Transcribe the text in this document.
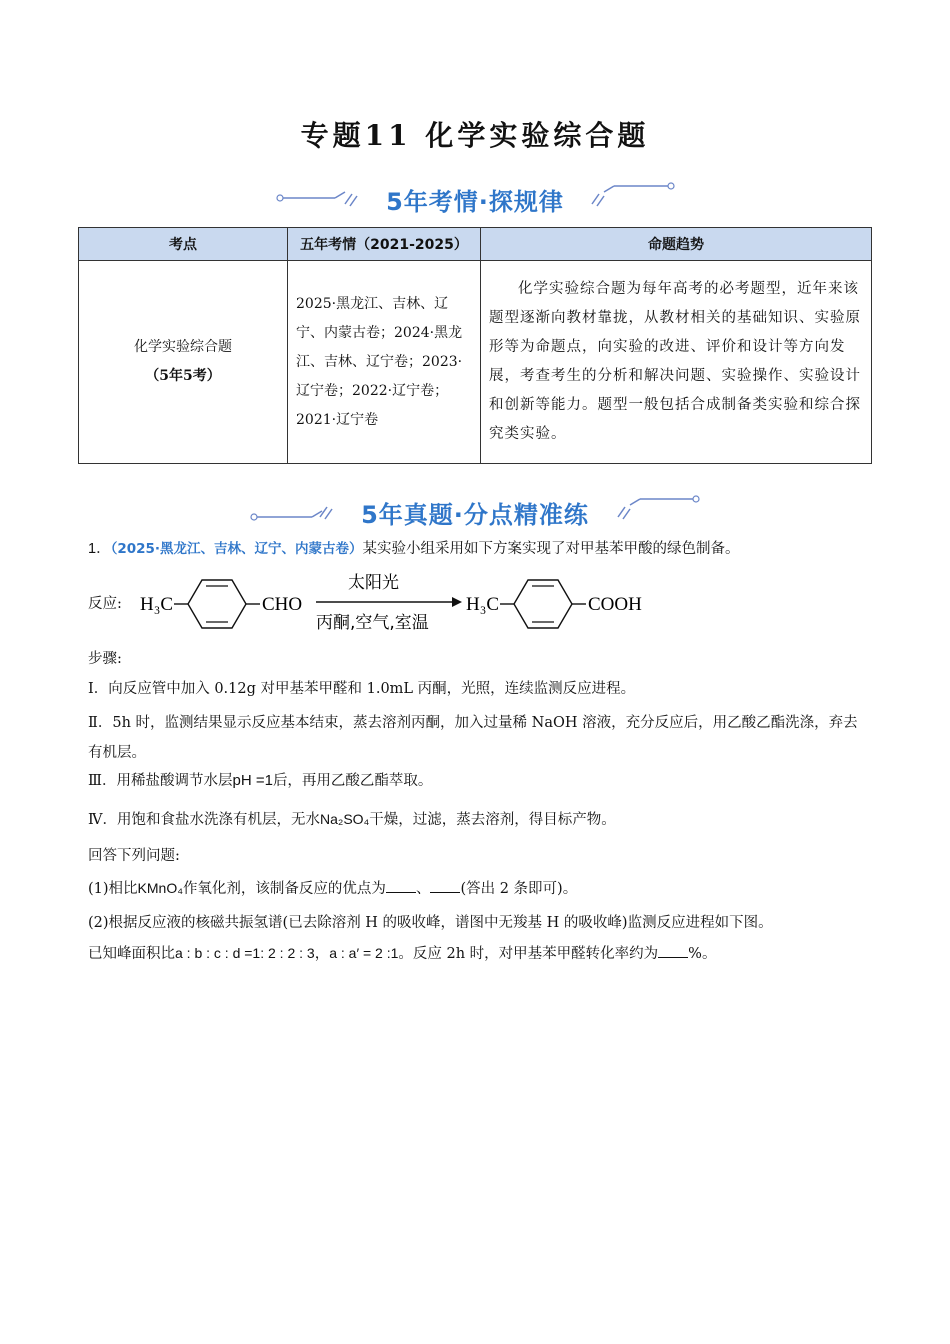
专题11 化学实验综合题
5年考情·探规律
考点	五年考情（2021-2025）	命题趋势

化学实验综合题
（5年5考）	2025·黑龙江、吉林、辽宁、内蒙古卷；2024·黑龙江、吉林、辽宁卷；2023·辽宁卷；2022·辽宁卷；2021·辽宁卷	化学实验综合题为每年高考的必考题型，近年来该题型逐渐向教材靠拢，从教材相关的基础知识、实验原形等为命题点，向实验的改进、评价和设计等方向发展，考查考生的分析和解决问题、实验操作、实验设计和创新等能力。题型一般包括合成制备类实验和综合探究类实验。
5年真题·分点精准练
1．（2025·黑龙江、吉林、辽宁、内蒙古卷）某实验小组采用如下方案实现了对甲基苯甲酸的绿色制备。
反应: H₃C	CHO
太阳光
丙酮,空气,室温
H₃C	COOH
步骤:
Ⅰ．向反应管中加入 0.12g 对甲基苯甲醛和 1.0mL 丙酮，光照，连续监测反应进程。
Ⅱ．5h 时，监测结果显示反应基本结束，蒸去溶剂丙酮，加入过量稀 NaOH 溶液，充分反应后，用乙酸乙酯洗涤，弃去有机层。
Ⅲ．用稀盐酸调节水层pH =1后，再用乙酸乙酯萃取。
Ⅳ．用饱和食盐水洗涤有机层，无水Na₂SO₄干燥，过滤，蒸去溶剂，得目标产物。
回答下列问题:
(1)相比KMnO₄作氧化剂，该制备反应的优点为 、 (答出 2 条即可)。
(2)根据反应液的核磁共振氢谱(已去除溶剂 H 的吸收峰，谱图中无羧基 H 的吸收峰)监测反应进程如下图。
已知峰面积比a : b : c : d =1: 2 : 2 : 3，a : a′ = 2 :1。反应 2h 时，对甲基苯甲醛转化率约为 %。
